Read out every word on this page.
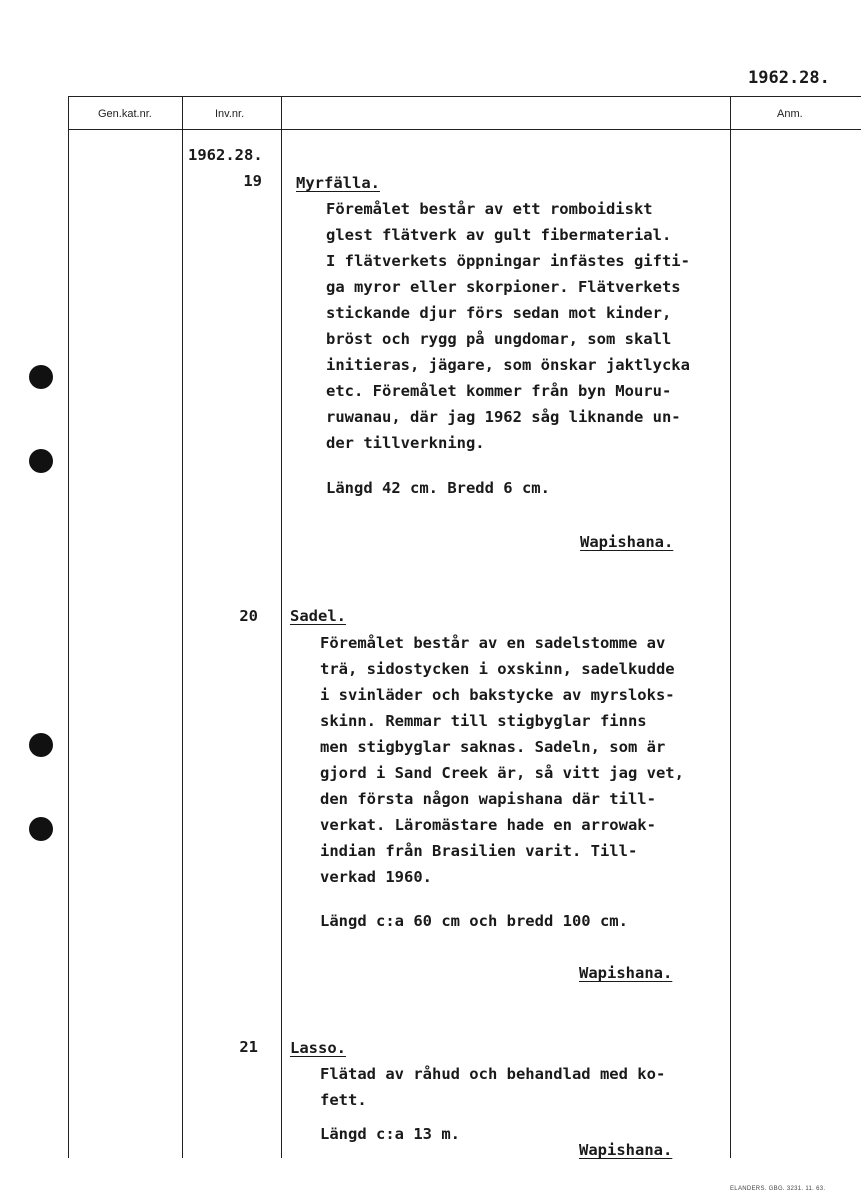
1962.28.
Gen.kat.nr.	Inv.nr.	Anm.
1962.28.
19 Myrfälla.
Föremålet består av ett romboidiskt
glest flätverk av gult fibermaterial.
I flätverkets öppningar infästes gifti-
ga myror eller skorpioner. Flätverkets
stickande djur förs sedan mot kinder,
bröst och rygg på ungdomar, som skall
initieras, jägare, som önskar jaktlycka
etc. Föremålet kommer från byn Mouru-
ruwanau, där jag 1962 såg liknande un-
der tillverkning.
Längd 42 cm. Bredd 6 cm.
Wapishana.
20 Sadel.
Föremålet består av en sadelstomme av
trä, sidostycken i oxskinn, sadelkudde
i svinläder och bakstycke av myrsloks-
skinn. Remmar till stigbyglar finns
men stigbyglar saknas. Sadeln, som är
gjord i Sand Creek är, så vitt jag vet,
den första någon wapishana där till-
verkat. Läromästare hade en arrowak-
indian från Brasilien varit. Till-
verkad 1960.
Längd c:a 60 cm och bredd 100 cm.
Wapishana.
21 Lasso.
Flätad av råhud och behandlad med ko-
fett.
Längd c:a 13 m.
Wapishana.
ELANDERS. GBG. 3231. 11. 63.
